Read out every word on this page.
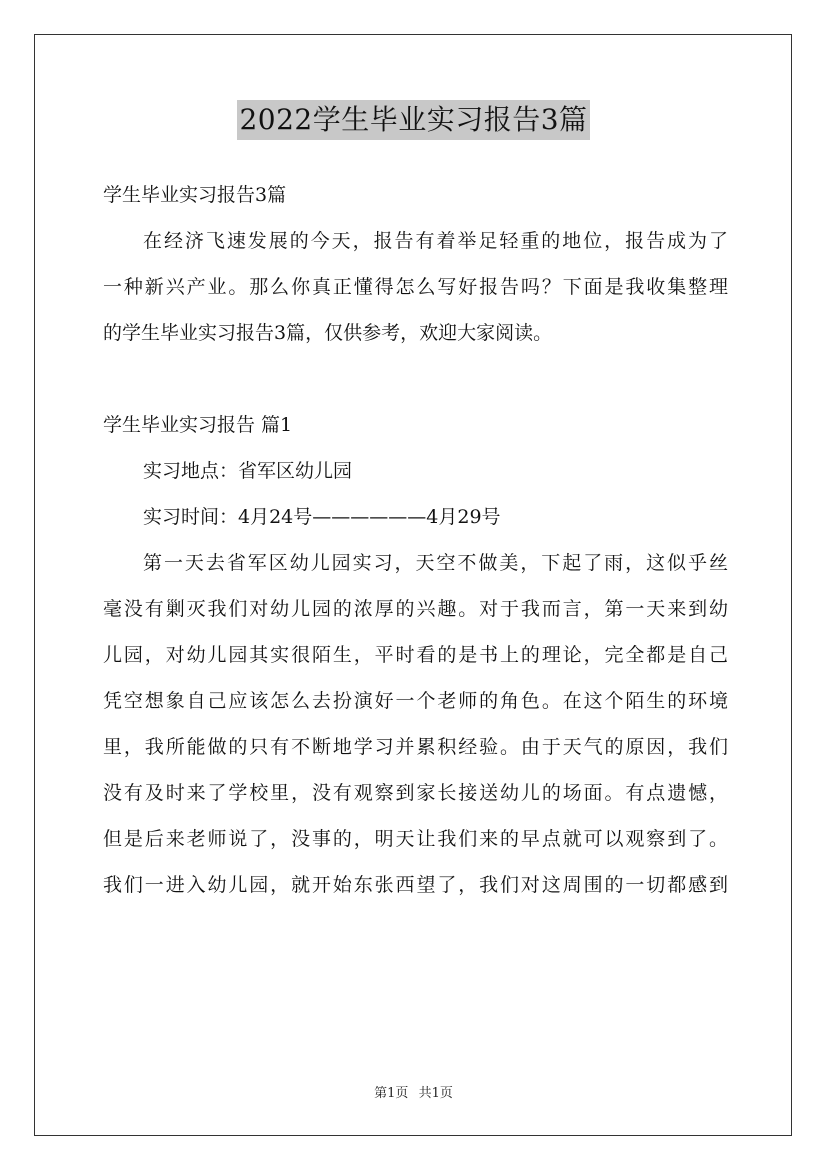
2022学生毕业实习报告3篇
学生毕业实习报告3篇
在经济飞速发展的今天，报告有着举足轻重的地位，报告成为了
一种新兴产业。那么你真正懂得怎么写好报告吗？下面是我收集整理
的学生毕业实习报告3篇，仅供参考，欢迎大家阅读。
学生毕业实习报告 篇1
实习地点：省军区幼儿园
实习时间：4月24号——————4月29号
第一天去省军区幼儿园实习，天空不做美，下起了雨，这似乎丝
毫没有剿灭我们对幼儿园的浓厚的兴趣。对于我而言，第一天来到幼
儿园，对幼儿园其实很陌生，平时看的是书上的理论，完全都是自己
凭空想象自己应该怎么去扮演好一个老师的角色。在这个陌生的环境
里，我所能做的只有不断地学习并累积经验。由于天气的原因，我们
没有及时来了学校里，没有观察到家长接送幼儿的场面。有点遗憾，
但是后来老师说了，没事的，明天让我们来的早点就可以观察到了。
我们一进入幼儿园，就开始东张西望了，我们对这周围的一切都感到
第1页 共1页
